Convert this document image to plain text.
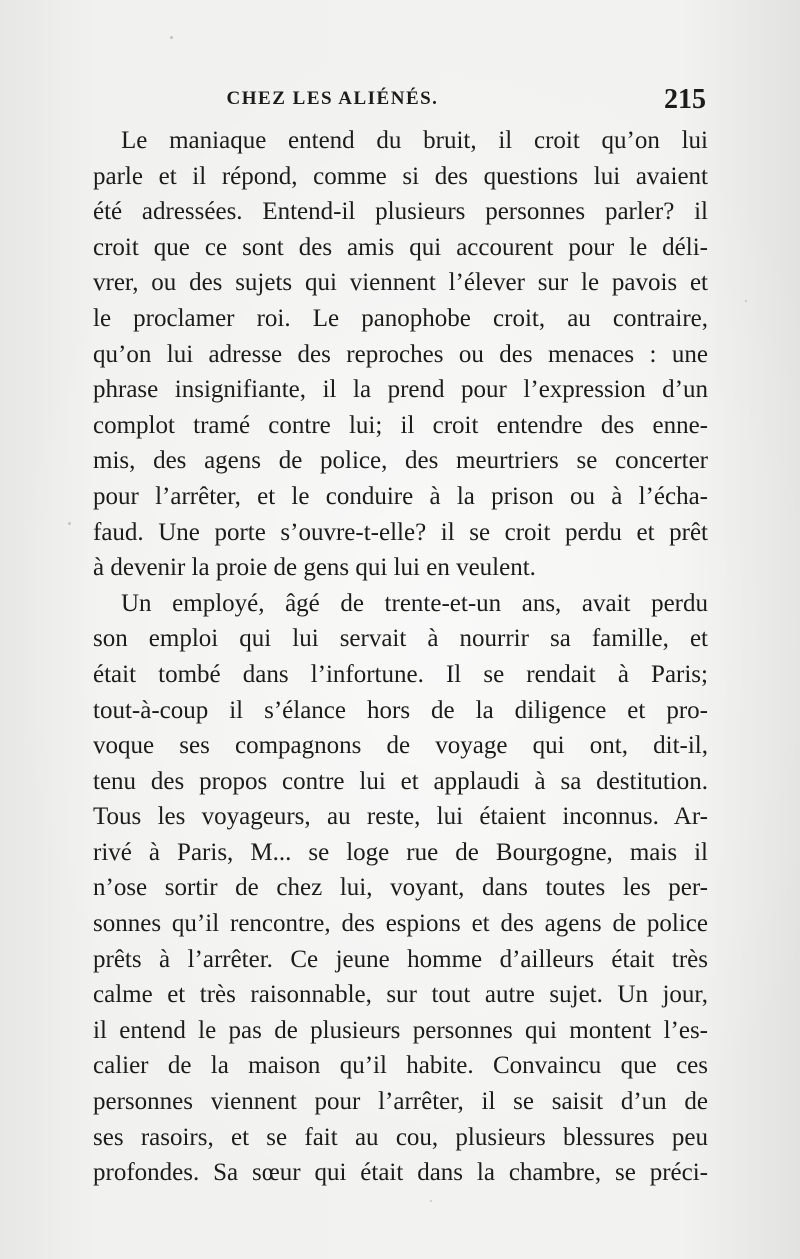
CHEZ LES ALIÉNÉS.	215
Le maniaque entend du bruit, il croit qu’on lui
parle et il répond, comme si des questions lui avaient
été adressées. Entend-il plusieurs personnes parler? il
croit que ce sont des amis qui accourent pour le déli-
vrer, ou des sujets qui viennent l’élever sur le pavois et
le proclamer roi. Le panophobe croit, au contraire,
qu’on lui adresse des reproches ou des menaces : une
phrase insignifiante, il la prend pour l’expression d’un
complot tramé contre lui; il croit entendre des enne-
mis, des agens de police, des meurtriers se concerter
pour l’arrêter, et le conduire à la prison ou à l’écha-
faud. Une porte s’ouvre-t-elle? il se croit perdu et prêt
à devenir la proie de gens qui lui en veulent.
Un employé, âgé de trente-et-un ans, avait perdu
son emploi qui lui servait à nourrir sa famille, et
était tombé dans l’infortune. Il se rendait à Paris;
tout-à-coup il s’élance hors de la diligence et pro-
voque ses compagnons de voyage qui ont, dit-il,
tenu des propos contre lui et applaudi à sa destitution.
Tous les voyageurs, au reste, lui étaient inconnus. Ar-
rivé à Paris, M... se loge rue de Bourgogne, mais il
n’ose sortir de chez lui, voyant, dans toutes les per-
sonnes qu’il rencontre, des espions et des agens de police
prêts à l’arrêter. Ce jeune homme d’ailleurs était très
calme et très raisonnable, sur tout autre sujet. Un jour,
il entend le pas de plusieurs personnes qui montent l’es-
calier de la maison qu’il habite. Convaincu que ces
personnes viennent pour l’arrêter, il se saisit d’un de
ses rasoirs, et se fait au cou, plusieurs blessures peu
profondes. Sa sœur qui était dans la chambre, se préci-
